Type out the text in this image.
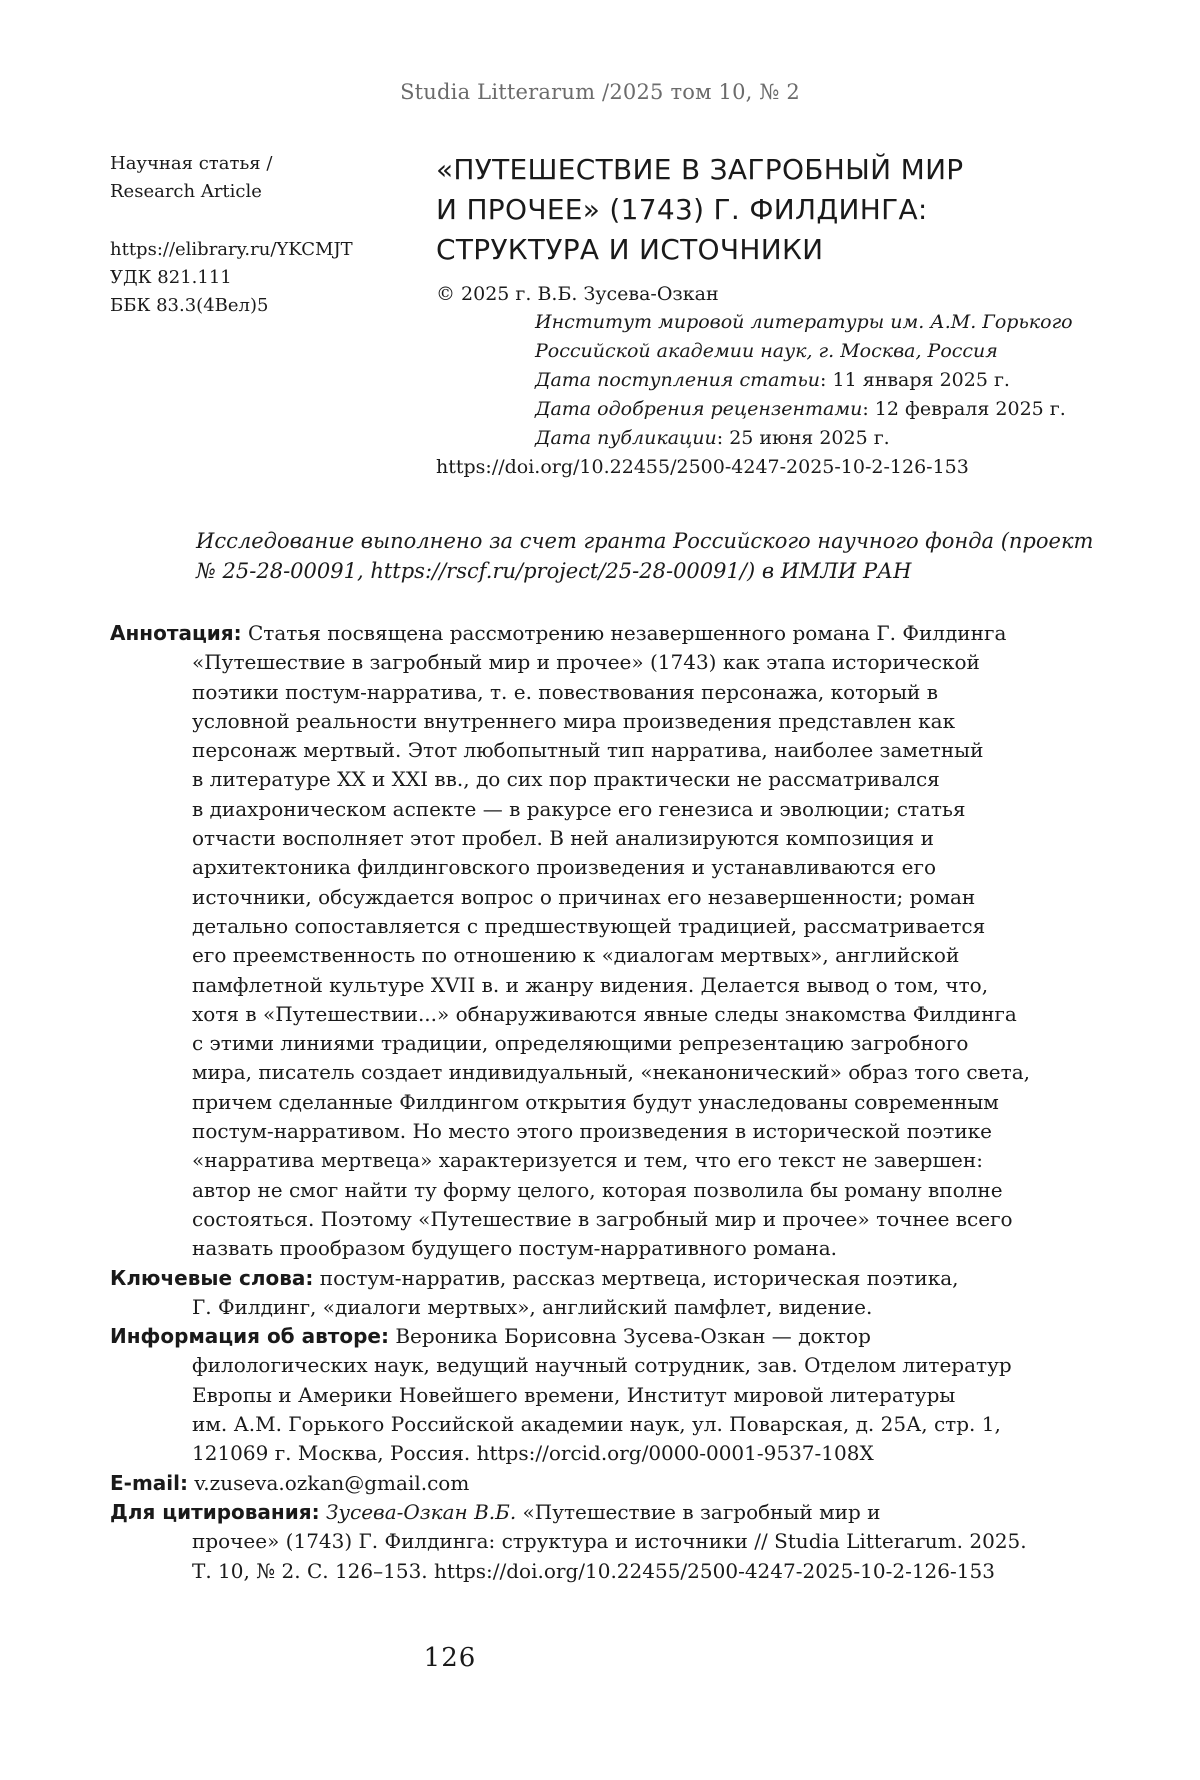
Studia Litterarum /2025 том 10, № 2
Научная статья /
Research Article
https://elibrary.ru/YKCMJT
УДК 821.111
ББК 83.3(4Вел)5
«ПУТЕШЕСТВИЕ В ЗАГРОБНЫЙ МИР
И ПРОЧЕЕ» (1743) Г. ФИЛДИНГА:
СТРУКТУРА И ИСТОЧНИКИ
© 2025 г. В.Б. Зусева-Озкан
Институт мировой литературы им. А.М. Горького
Российской академии наук, г. Москва, Россия
Дата поступления статьи: 11 января 2025 г.
Дата одобрения рецензентами: 12 февраля 2025 г.
Дата публикации: 25 июня 2025 г.
https://doi.org/10.22455/2500-4247-2025-10-2-126-153
Исследование выполнено за счет гранта Российского научного фонда (проект
№ 25-28-00091, https://rscf.ru/project/25-28-00091/) в ИМЛИ РАН
Аннотация: Статья посвящена рассмотрению незавершенного романа Г. Филдинга
«Путешествие в загробный мир и прочее» (1743) как этапа исторической
поэтики постум-нарратива, т. е. повествования персонажа, который в
условной реальности внутреннего мира произведения представлен как
персонаж мертвый. Этот любопытный тип нарратива, наиболее заметный
в литературе XX и XXI вв., до сих пор практически не рассматривался
в диахроническом аспекте — в ракурсе его генезиса и эволюции; статья
отчасти восполняет этот пробел. В ней анализируются композиция и
архитектоника филдинговского произведения и устанавливаются его
источники, обсуждается вопрос о причинах его незавершенности; роман
детально сопоставляется с предшествующей традицией, рассматривается
его преемственность по отношению к «диалогам мертвых», английской
памфлетной культуре XVII в. и жанру видения. Делается вывод о том, что,
хотя в «Путешествии...» обнаруживаются явные следы знакомства Филдинга
с этими линиями традиции, определяющими репрезентацию загробного
мира, писатель создает индивидуальный, «неканонический» образ того света,
причем сделанные Филдингом открытия будут унаследованы современным
постум-нарративом. Но место этого произведения в исторической поэтике
«нарратива мертвеца» характеризуется и тем, что его текст не завершен:
автор не смог найти ту форму целого, которая позволила бы роману вполне
состояться. Поэтому «Путешествие в загробный мир и прочее» точнее всего
назвать прообразом будущего постум-нарративного романа.
Ключевые слова: постум-нарратив, рассказ мертвеца, историческая поэтика,
Г. Филдинг, «диалоги мертвых», английский памфлет, видение.
Информация об авторе: Вероника Борисовна Зусева-Озкан — доктор
филологических наук, ведущий научный сотрудник, зав. Отделом литератур
Европы и Америки Новейшего времени, Институт мировой литературы
им. А.М. Горького Российской академии наук, ул. Поварская, д. 25А, стр. 1,
121069 г. Москва, Россия. https://orcid.org/0000-0001-9537-108X
E-mail: v.zuseva.ozkan@gmail.com
Для цитирования: Зусева-Озкан В.Б. «Путешествие в загробный мир и
прочее» (1743) Г. Филдинга: структура и источники // Studia Litterarum. 2025.
Т. 10, № 2. С. 126–153. https://doi.org/10.22455/2500-4247-2025-10-2-126-153
126
